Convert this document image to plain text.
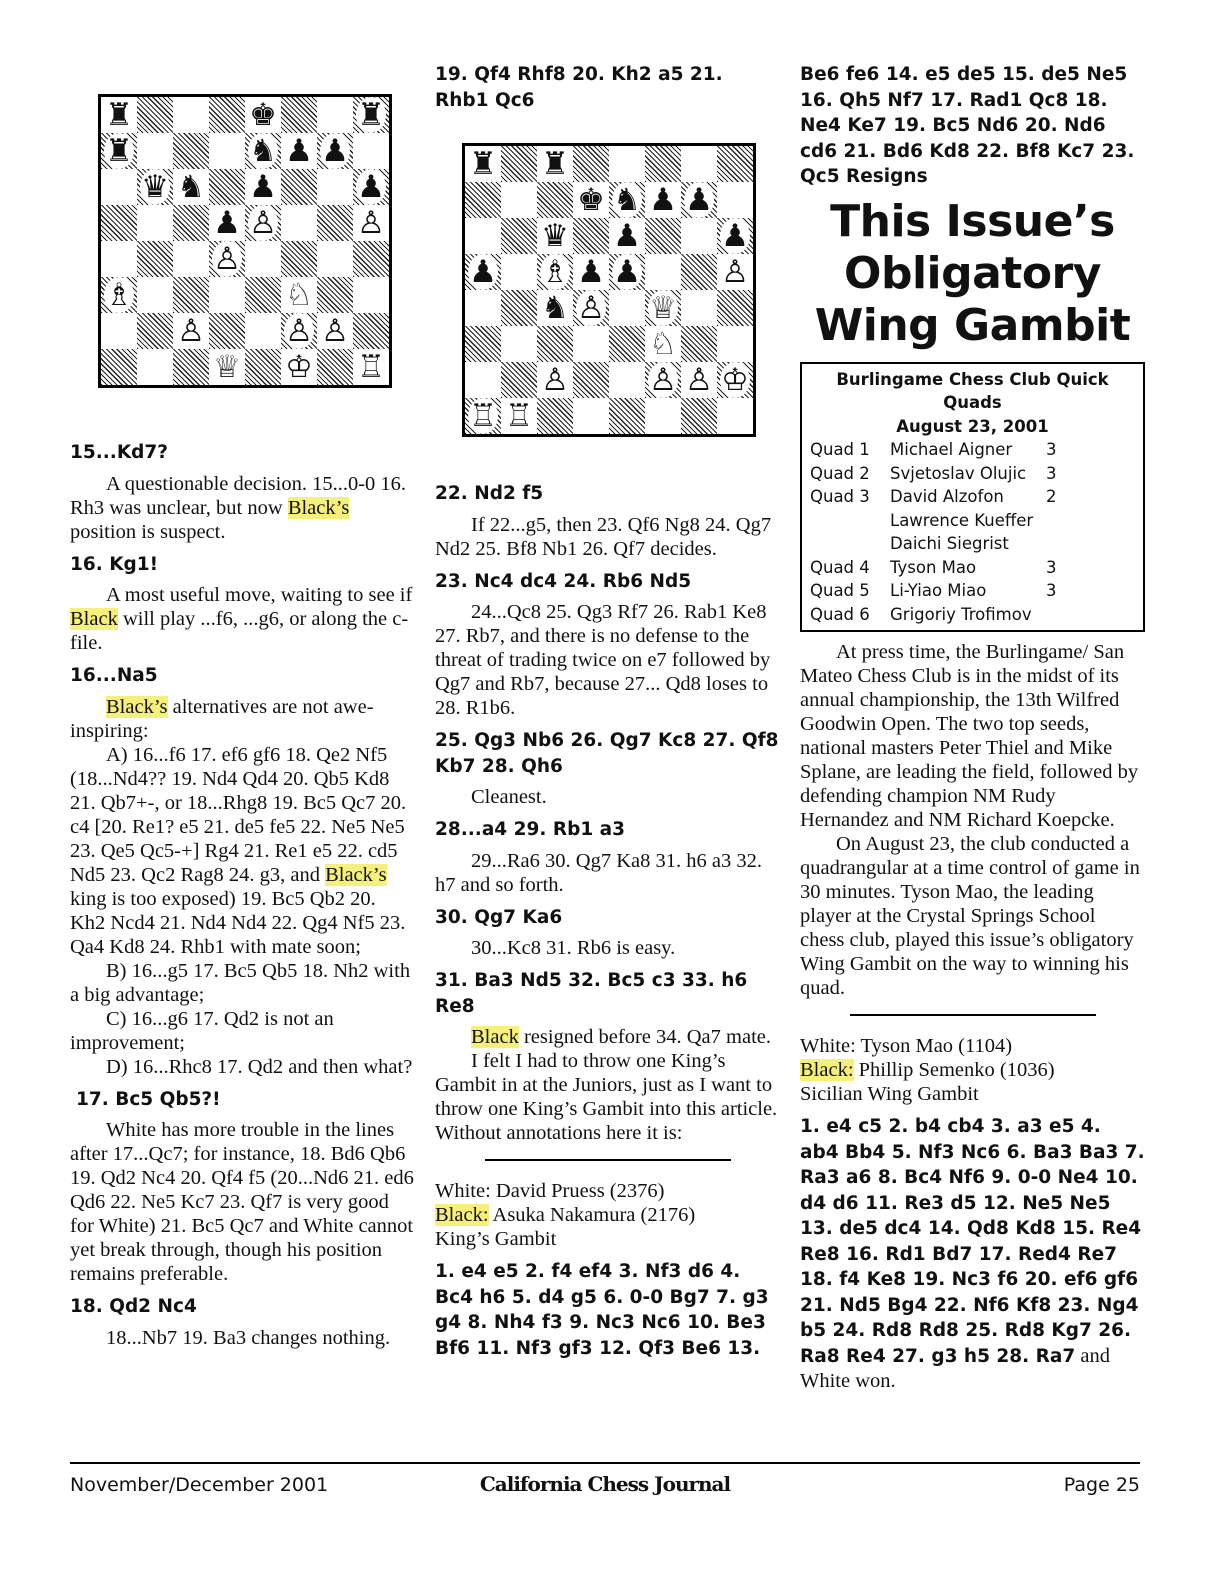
♜	♚	♜
♜	♞ ♟ ♟
♛ ♞ ♟	♟
♟ ♙	♙
♙
♗	♘
♙	♙ ♙
♕ ♔ ♖
15...Kd7?

A questionable decision. 15...0-0 16. Rh3 was unclear, but now Black’s position is suspect.

16. Kg1!

A most useful move, waiting to see if Black will play ...f6, ...g6, or along the c-file.

16...Na5

Black’s alternatives are not awe-inspiring:

A) 16...f6 17. ef6 gf6 18. Qe2 Nf5 (18...Nd4?? 19. Nd4 Qd4 20. Qb5 Kd8 21. Qb7+-, or 18...Rhg8 19. Bc5 Qc7 20. c4 [20. Re1? e5 21. de5 fe5 22. Ne5 Ne5 23. Qe5 Qc5-+] Rg4 21. Re1 e5 22. cd5 Nd5 23. Qc2 Rag8 24. g3, and Black’s king is too exposed) 19. Bc5 Qb2 20. Kh2 Ncd4 21. Nd4 Nd4 22. Qg4 Nf5 23. Qa4 Kd8 24. Rhb1 with mate soon;

B) 16...g5 17. Bc5 Qb5 18. Nh2 with a big advantage;

C) 16...g6 17. Qd2 is not an improvement;

D) 16...Rhc8 17. Qd2 and then what?

17. Bc5 Qb5?!

White has more trouble in the lines after 17...Qc7; for instance, 18. Bd6 Qb6 19. Qd2 Nc4 20. Qf4 f5 (20...Nd6 21. ed6 Qd6 22. Ne5 Kc7 23. Qf7 is very good for White) 21. Bc5 Qc7 and White cannot yet break through, though his position remains preferable.

18. Qd2 Nc4

18...Nb7 19. Ba3 changes nothing.

19. Qf4 Rhf8 20. Kh2 a5 21. Rhb1 Qc6
♜ ♜
♚ ♞ ♟ ♟
♛ ♟	♟
♟ ♗ ♟ ♟	♙
♞ ♙ ♕
♘
♙	♙ ♙ ♔
♖ ♖
22. Nd2 f5

If 22...g5, then 23. Qf6 Ng8 24. Qg7 Nd2 25. Bf8 Nb1 26. Qf7 decides.

23. Nc4 dc4 24. Rb6 Nd5

24...Qc8 25. Qg3 Rf7 26. Rab1 Ke8 27. Rb7, and there is no defense to the threat of trading twice on e7 followed by Qg7 and Rb7, because 27... Qd8 loses to 28. R1b6.

25. Qg3 Nb6 26. Qg7 Kc8 27. Qf8 Kb7 28. Qh6

Cleanest.

28...a4 29. Rb1 a3

29...Ra6 30. Qg7 Ka8 31. h6 a3 32. h7 and so forth.

30. Qg7 Ka6

30...Kc8 31. Rb6 is easy.

31. Ba3 Nd5 32. Bc5 c3 33. h6 Re8

Black resigned before 34. Qa7 mate.

I felt I had to throw one King’s Gambit in at the Juniors, just as I want to throw one King’s Gambit into this article. Without annotations here it is:

White: David Pruess (2376)

Black: Asuka Nakamura (2176)

King’s Gambit

1. e4 e5 2. f4 ef4 3. Nf3 d6 4. Bc4 h6 5. d4 g5 6. 0-0 Bg7 7. g3 g4 8. Nh4 f3 9. Nc3 Nc6 10. Be3 Bf6 11. Nf3 gf3 12. Qf3 Be6 13.
Be6 fe6 14. e5 de5 15. de5 Ne5 16. Qh5 Nf7 17. Rad1 Qc8 18. Ne4 Ke7 19. Bc5 Nd6 20. Nd6 cd6 21. Bd6 Kd8 22. Bf8 Kc7 23. Qc5 Resigns
This Issue’s
Obligatory
Wing Gambit
Burlingame Chess Club Quick Quads
August 23, 2001
Quad 1	Michael Aigner	3
Quad 2	Svjetoslav Olujic	3
Quad 3	David Alzofon	2
Lawrence Kueffer
Daichi Siegrist
Quad 4	Tyson Mao	3
Quad 5	Li-Yiao Miao	3
Quad 6	Grigoriy Trofimov

At press time, the Burlingame/ San Mateo Chess Club is in the midst of its annual championship, the 13th Wilfred Goodwin Open. The two top seeds, national masters Peter Thiel and Mike Splane, are leading the field, followed by defending champion NM Rudy Hernandez and NM Richard Koepcke.

On August 23, the club conducted a quadrangular at a time control of game in 30 minutes. Tyson Mao, the leading player at the Crystal Springs School chess club, played this issue’s obligatory Wing Gambit on the way to winning his quad.

White: Tyson Mao (1104)

Black: Phillip Semenko (1036)

Sicilian Wing Gambit

1. e4 c5 2. b4 cb4 3. a3 e5 4. ab4 Bb4 5. Nf3 Nc6 6. Ba3 Ba3 7. Ra3 a6 8. Bc4 Nf6 9. 0-0 Ne4 10. d4 d6 11. Re3 d5 12. Ne5 Ne5 13. de5 dc4 14. Qd8 Kd8 15. Re4 Re8 16. Rd1 Bd7 17. Red4 Re7 18. f4 Ke8 19. Nc3 f6 20. ef6 gf6 21. Nd5 Bg4 22. Nf6 Kf8 23. Ng4 b5 24. Rd8 Rd8 25. Rd8 Kg7 26. Ra8 Re4 27. g3 h5 28. Ra7 and White won.
November/December 2001	California Chess Journal	Page 25
